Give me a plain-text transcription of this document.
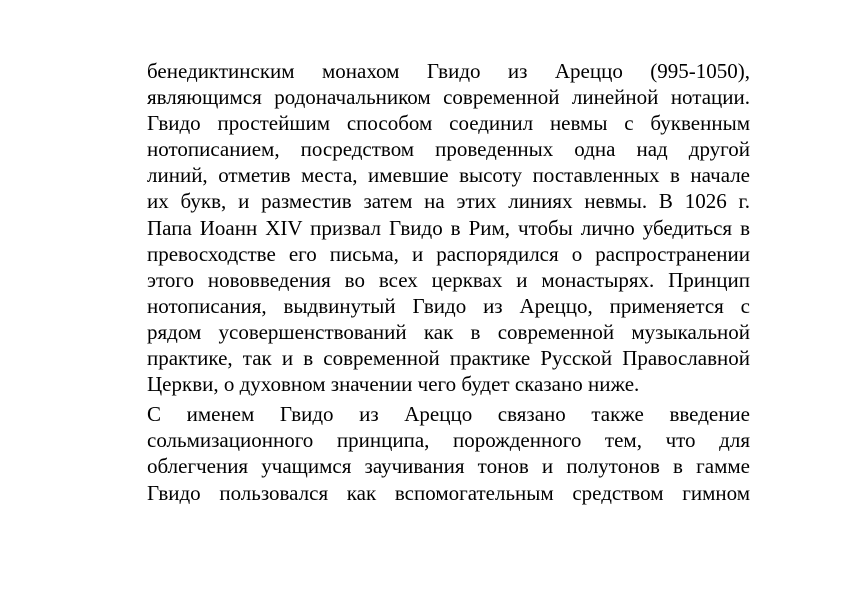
бенедиктинским монахом Гвидо из Ареццо (995-1050),
являющимся родоначальником современной линейной нотации.
Гвидо простейшим способом соединил невмы с буквенным
нотописанием, посредством проведенных одна над другой
линий, отметив места, имевшие высоту поставленных в начале
их букв, и разместив затем на этих линиях невмы. В 1026 г.
Папа Иоанн XIV призвал Гвидо в Рим, чтобы лично убедиться в
превосходстве его письма, и распорядился о распространении
этого нововведения во всех церквах и монастырях. Принцип
нотописания, выдвинутый Гвидо из Ареццо, применяется с
рядом усовершенствований как в современной музыкальной
практике, так и в современной практике Русской Православной
Церкви, о духовном значении чего будет сказано ниже.
С именем Гвидо из Ареццо связано также введение
сольмизационного принципа, порожденного тем, что для
облегчения учащимся заучивания тонов и полутонов в гамме
Гвидо пользовался как вспомогательным средством гимном
